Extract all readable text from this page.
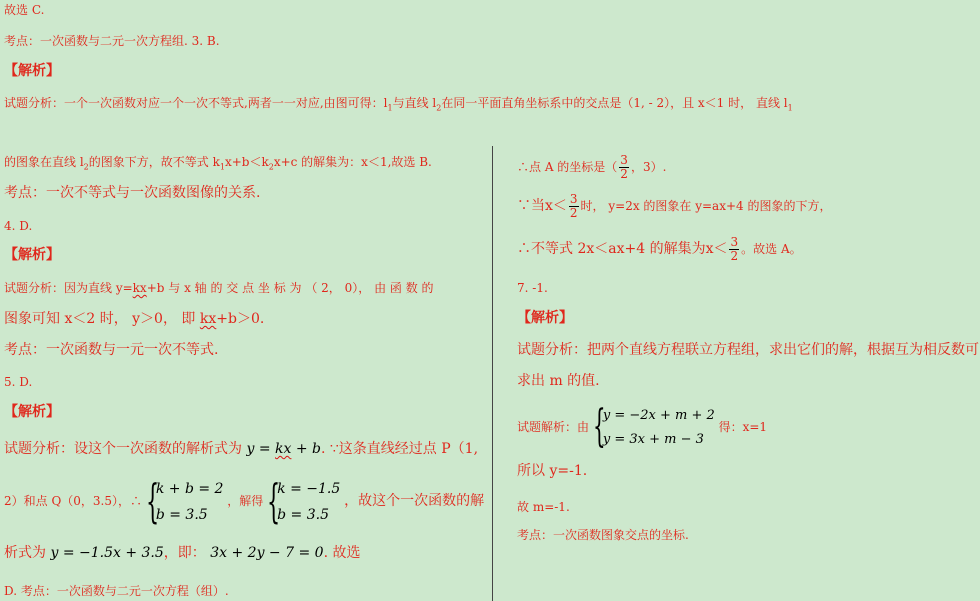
故选 C.
考点：一次函数与二元一次方程组. 3. B.
【解析】
试题分析：一个一次函数对应一个一次不等式,两者一一对应,由图可得：$l_1$与直线 $l_2$在同一平面直角坐标系中的交点是（1, - 2），且 x＜1 时， 直线 $l_1$
的图象在直线 $l_2$的图象下方，故不等式 $k_1x+b<k_2x+c$ 的解集为：x＜1,故选 B.
考点：一次不等式与一次函数图像的关系.
4. D.
【解析】
试题分析：因为直线 y=kx+b 与 x 轴 的 交 点 坐 标 为 （ 2， 0）， 由 函 数 的
图象可知 x＜2 时， y＞0， 即 kx+b＞0.
考点：一次函数与一元一次不等式.
5. D.
【解析】
试题分析：设这个一次函数的解析式为 y = kx + b. ∵这条直线经过点 P（1,
2）和点 Q（0，3.5），∴ {
k + b = 2
b = 3.5
，解得 {
k = −1.5
b = 3.5
，故这个一次函数的解
析式为 y = −1.5x + 3.5，即： 3x + 2y − 7 = 0. 故选
D. 考点：一次函数与二元一次方程（组）.
∴点 A 的坐标是（ $\frac{3}{2}$ ，3）.
∵当$x< \frac{3}{2}$ 时， y=2x 的图象在 y=ax+4 的图象的下方，
∴不等式 2x＜ax+4 的解集为$x< \frac{3}{2}$ 。故选 A。
7. -1.
【解析】
试题分析：把两个直线方程联立方程组，求出它们的解，根据互为相反数可
求出 m 的值.
试题解析：由 {
y = −2x + m + 2
y = 3x + m − 3
得：x=1
所以 y=-1.
故 m=-1.
考点：一次函数图象交点的坐标.
